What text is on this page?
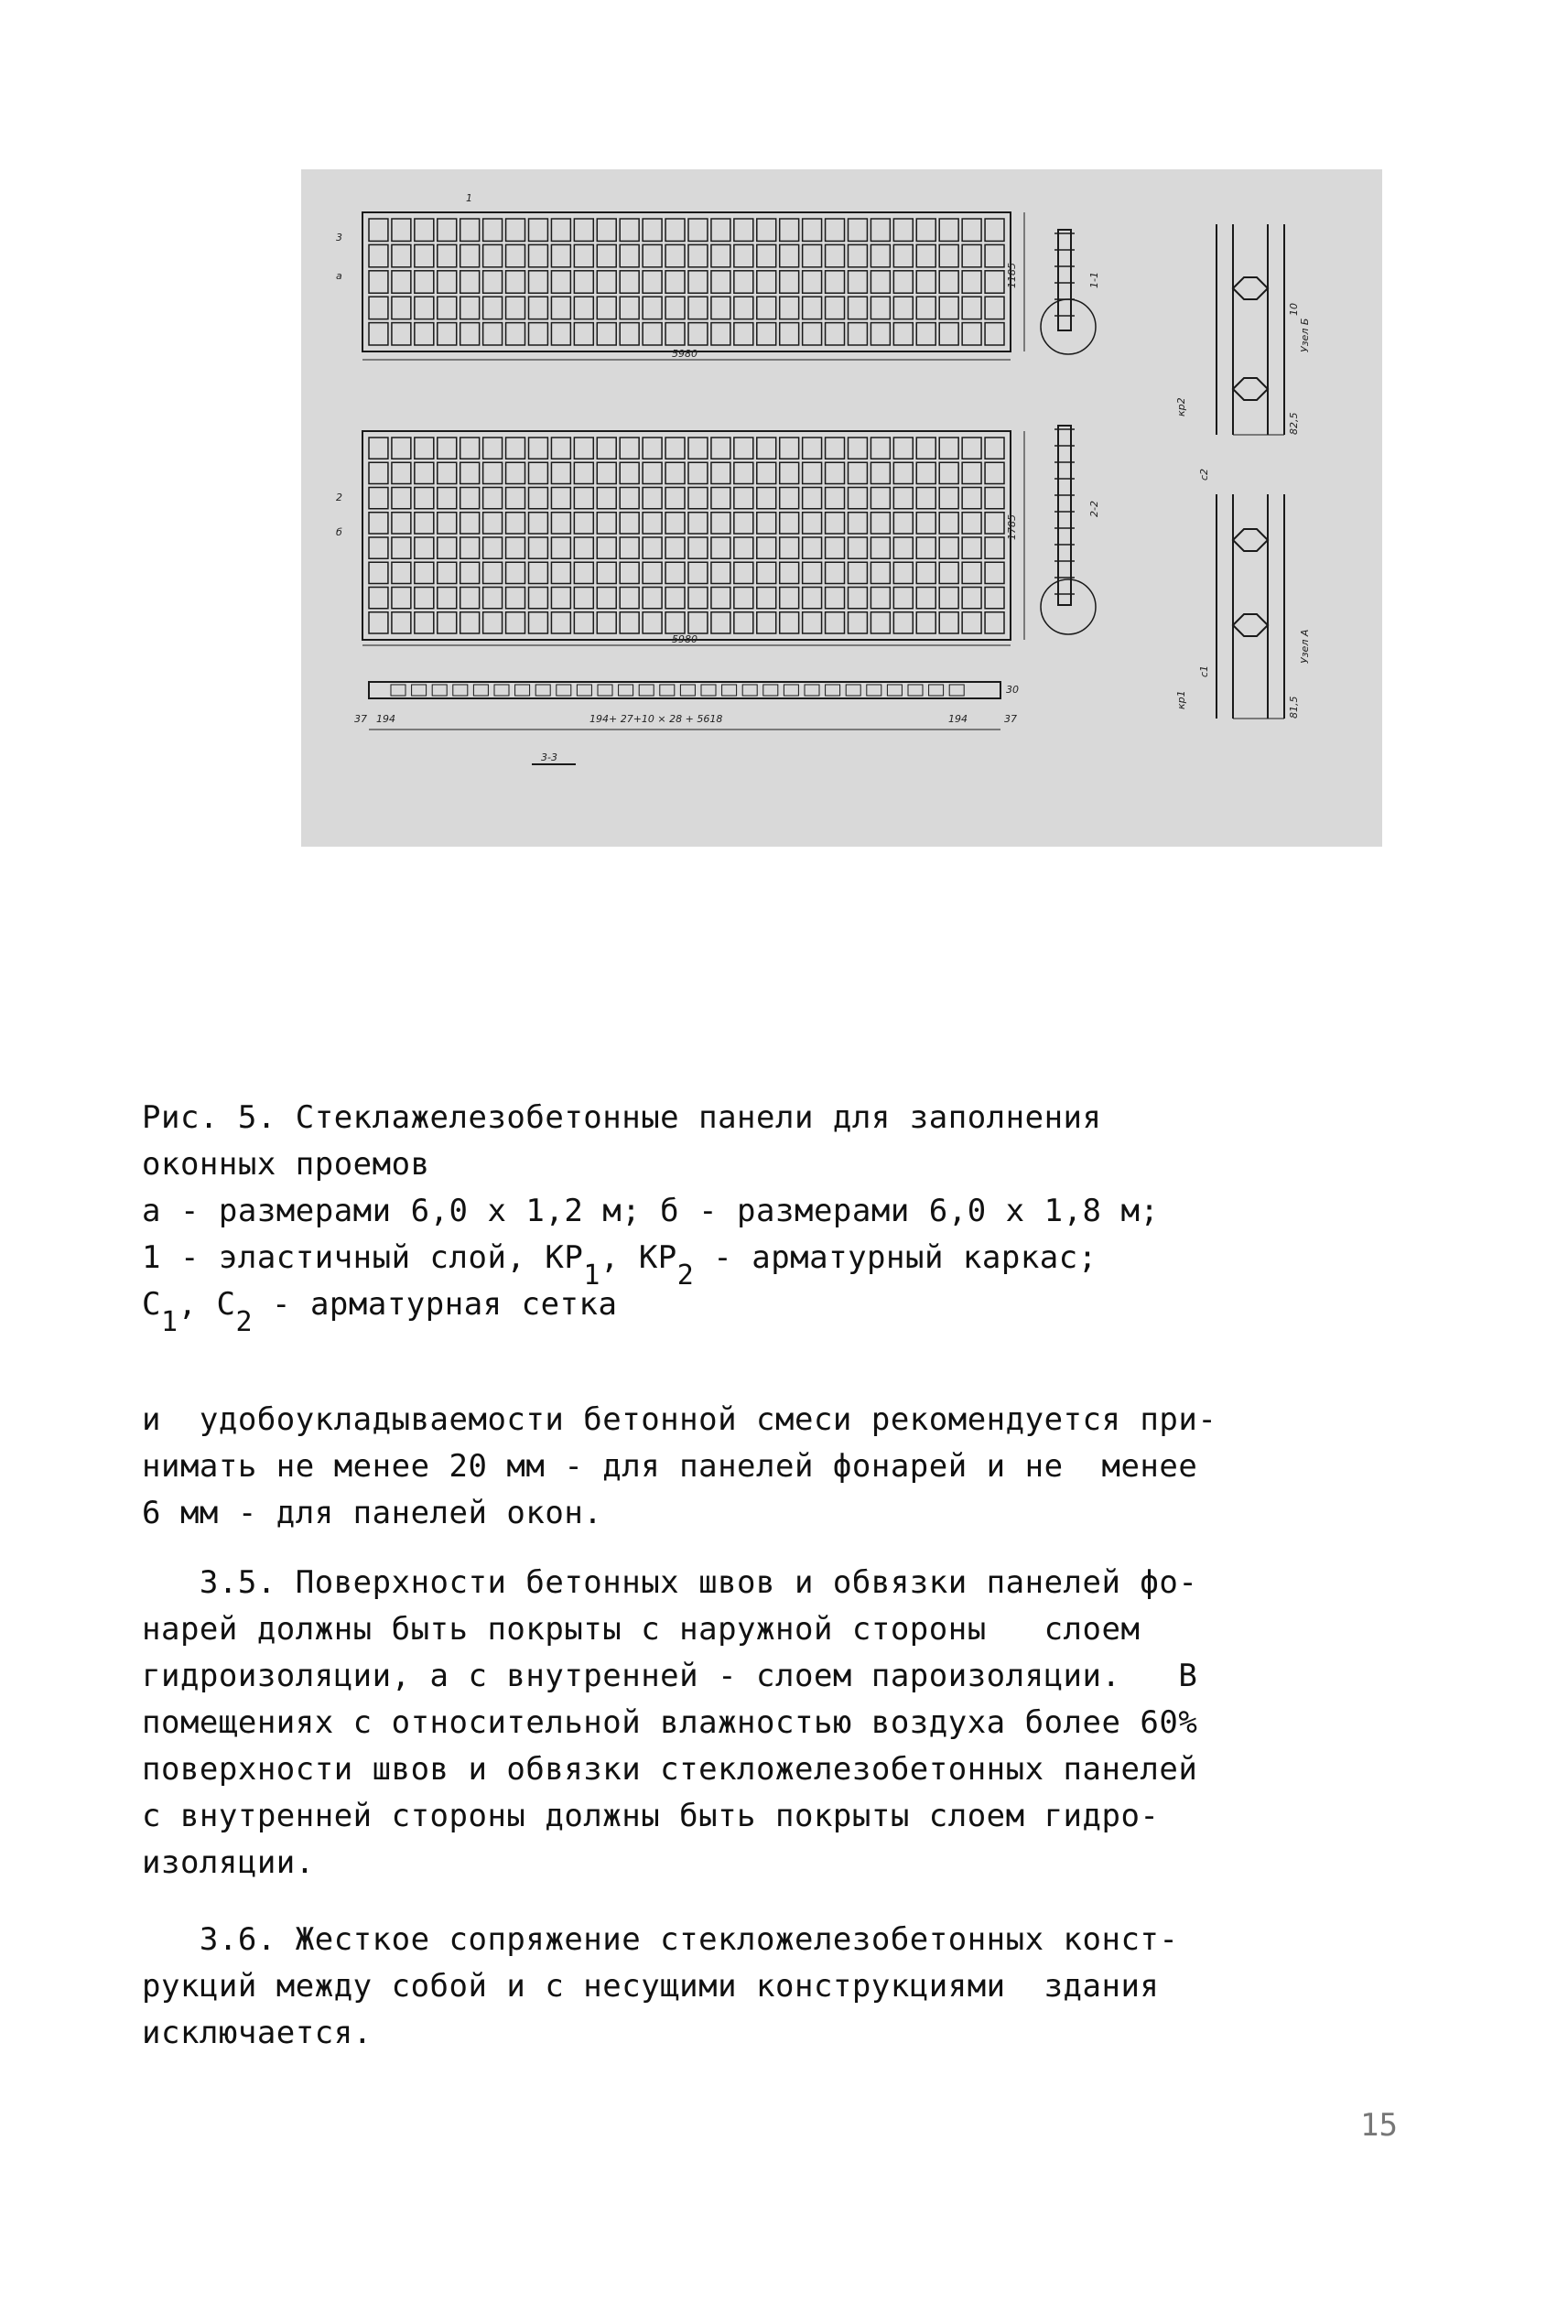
5980
5980
1185
1785
194+ 27+10 × 28 + 5618
194	194
37	37
30
3-3
1
3
а
б
2
1-1
2-2
с2
с1
кр2
кр1
Узел Б
Узел А
82,5
81,5
10
Рис. 5. Стеклажелезобетонные панели для заполнения
оконных проемов
а - размерами 6,0 х 1,2 м; б - размерами 6,0 х 1,8 м;
1 - эластичный слой, КР1, КР2 - арматурный каркас;
C1, C2 - арматурная сетка
и  удобоукладываемости бетонной смеси рекомендуется при-
нимать не менее 20 мм - для панелей фонарей и не  менее
6 мм - для панелей окон.
3.5. Поверхности бетонных швов и обвязки панелей фо-
нарей должны быть покрыты с наружной стороны   слоем
гидроизоляции, а с внутренней - слоем пароизоляции.   В
помещениях с относительной влажностью воздуха более 60%
поверхности швов и обвязки стекложелезобетонных панелей
с внутренней стороны должны быть покрыты слоем гидро-
изоляции.
3.6. Жесткое сопряжение стекложелезобетонных конст-
рукций между собой и с несущими конструкциями  здания
исключается.
15
